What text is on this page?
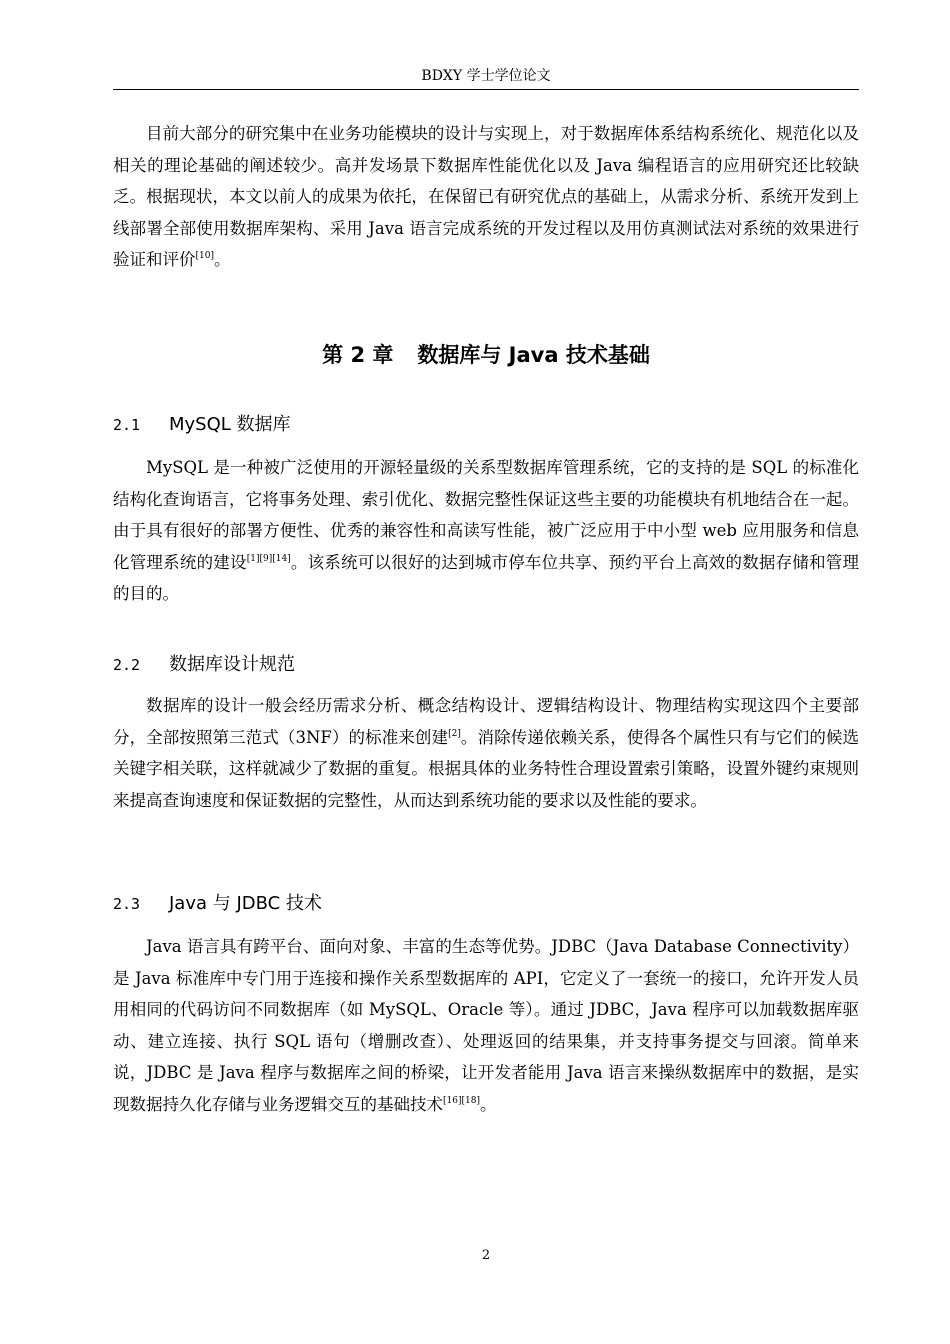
BDXY 学士学位论文

目前大部分的研究集中在业务功能模块的设计与实现上，对于数据库体系结构系统化、规范化以及相关的理论基础的阐述较少。高并发场景下数据库性能优化以及 Java 编程语言的应用研究还比较缺乏。根据现状，本文以前人的成果为依托，在保留已有研究优点的基础上，从需求分析、系统开发到上线部署全部使用数据库架构、采用 Java 语言完成系统的开发过程以及用仿真测试法对系统的效果进行验证和评价[10]。

第 2 章 数据库与 Java 技术基础
2.1 MySQL 数据库

MySQL 是一种被广泛使用的开源轻量级的关系型数据库管理系统，它的支持的是 SQL 的标准化结构化查询语言，它将事务处理、索引优化、数据完整性保证这些主要的功能模块有机地结合在一起。由于具有很好的部署方便性、优秀的兼容性和高读写性能，被广泛应用于中小型 web 应用服务和信息化管理系统的建设[1][9][14]。该系统可以很好的达到城市停车位共享、预约平台上高效的数据存储和管理的目的。

2.2 数据库设计规范

数据库的设计一般会经历需求分析、概念结构设计、逻辑结构设计、物理结构实现这四个主要部分，全部按照第三范式（3NF）的标准来创建[2]。消除传递依赖关系，使得各个属性只有与它们的候选关键字相关联，这样就减少了数据的重复。根据具体的业务特性合理设置索引策略，设置外键约束规则来提高查询速度和保证数据的完整性，从而达到系统功能的要求以及性能的要求。

2.3 Java 与 JDBC 技术

Java 语言具有跨平台、面向对象、丰富的生态等优势。JDBC（Java Database Connectivity）是 Java 标准库中专门用于连接和操作关系型数据库的 API，它定义了一套统一的接口，允许开发人员用相同的代码访问不同数据库（如 MySQL、Oracle 等）。通过 JDBC，Java 程序可以加载数据库驱动、建立连接、执行 SQL 语句（增删改查）、处理返回的结果集，并支持事务提交与回滚。简单来说，JDBC 是 Java 程序与数据库之间的桥梁，让开发者能用 Java 语言来操纵数据库中的数据，是实现数据持久化存储与业务逻辑交互的基础技术[16][18]。

2
